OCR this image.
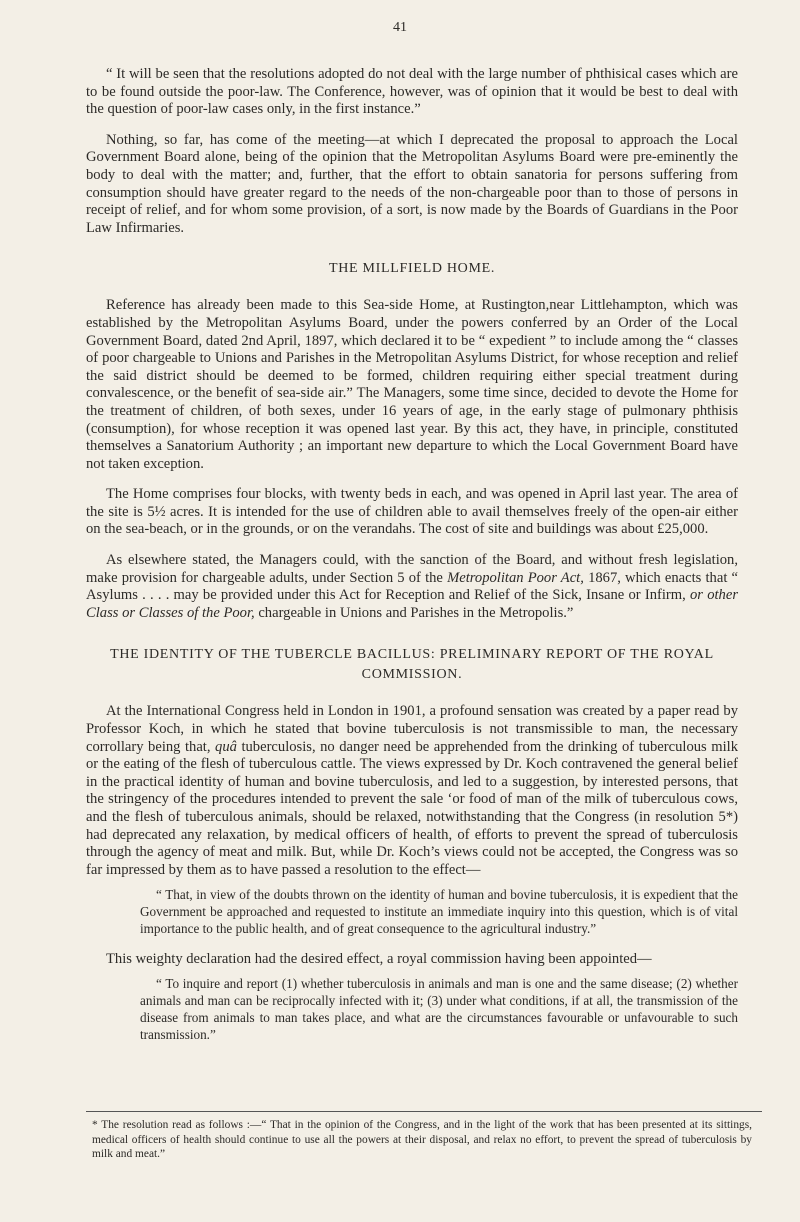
41

“ It will be seen that the resolutions adopted do not deal with the large number of phthisical cases which are to be found outside the poor-law. The Conference, however, was of opinion that it would be best to deal with the question of poor-law cases only, in the first instance.”

Nothing, so far, has come of the meeting—at which I deprecated the proposal to approach the Local Government Board alone, being of the opinion that the Metropolitan Asylums Board were pre-eminently the body to deal with the matter; and, further, that the effort to obtain sanatoria for persons suffering from consumption should have greater regard to the needs of the non-chargeable poor than to those of persons in receipt of relief, and for whom some provision, of a sort, is now made by the Boards of Guardians in the Poor Law Infirmaries.

THE MILLFIELD HOME.

Reference has already been made to this Sea-side Home, at Rustington,near Littlehampton, which was established by the Metropolitan Asylums Board, under the powers conferred by an Order of the Local Government Board, dated 2nd April, 1897, which declared it to be “ expedient ” to include among the “ classes of poor chargeable to Unions and Parishes in the Metropolitan Asylums District, for whose reception and relief the said district should be deemed to be formed, children requiring either special treatment during convalescence, or the benefit of sea-side air.” The Managers, some time since, decided to devote the Home for the treatment of children, of both sexes, under 16 years of age, in the early stage of pulmonary phthisis (consumption), for whose reception it was opened last year. By this act, they have, in principle, constituted themselves a Sanatorium Authority ; an important new departure to which the Local Government Board have not taken exception.

The Home comprises four blocks, with twenty beds in each, and was opened in April last year. The area of the site is 5½ acres. It is intended for the use of children able to avail themselves freely of the open-air either on the sea-beach, or in the grounds, or on the verandahs. The cost of site and buildings was about £25,000.

As elsewhere stated, the Managers could, with the sanction of the Board, and without fresh legislation, make provision for chargeable adults, under Section 5 of the Metropolitan Poor Act, 1867, which enacts that “ Asylums . . . . may be provided under this Act for Reception and Relief of the Sick, Insane or Infirm, or other Class or Classes of the Poor, chargeable in Unions and Parishes in the Metropolis.”

THE IDENTITY OF THE TUBERCLE BACILLUS: PRELIMINARY REPORT OF THE ROYAL COMMISSION.

At the International Congress held in London in 1901, a profound sensation was created by a paper read by Professor Koch, in which he stated that bovine tuberculosis is not transmissible to man, the necessary corrollary being that, quâ tuberculosis, no danger need be apprehended from the drinking of tuberculous milk or the eating of the flesh of tuberculous cattle. The views expressed by Dr. Koch contravened the general belief in the practical identity of human and bovine tuberculosis, and led to a suggestion, by interested persons, that the stringency of the procedures intended to prevent the sale ‘or food of man of the milk of tuberculous cows, and the flesh of tuberculous animals, should be relaxed, notwithstanding that the Congress (in resolution 5*) had deprecated any relaxation, by medical officers of health, of efforts to prevent the spread of tuberculosis through the agency of meat and milk. But, while Dr. Koch’s views could not be accepted, the Congress was so far impressed by them as to have passed a resolution to the effect—

“ That, in view of the doubts thrown on the identity of human and bovine tuberculosis, it is expedient that the Government be approached and requested to institute an immediate inquiry into this question, which is of vital importance to the public health, and of great consequence to the agricultural industry.”

This weighty declaration had the desired effect, a royal commission having been appointed—

“ To inquire and report (1) whether tuberculosis in animals and man is one and the same disease; (2) whether animals and man can be reciprocally infected with it; (3) under what conditions, if at all, the transmission of the disease from animals to man takes place, and what are the circumstances favourable or unfavourable to such transmission.”
* The resolution read as follows :—“ That in the opinion of the Congress, and in the light of the work that has been presented at its sittings, medical officers of health should continue to use all the powers at their disposal, and relax no effort, to prevent the spread of tuberculosis by milk and meat.”
